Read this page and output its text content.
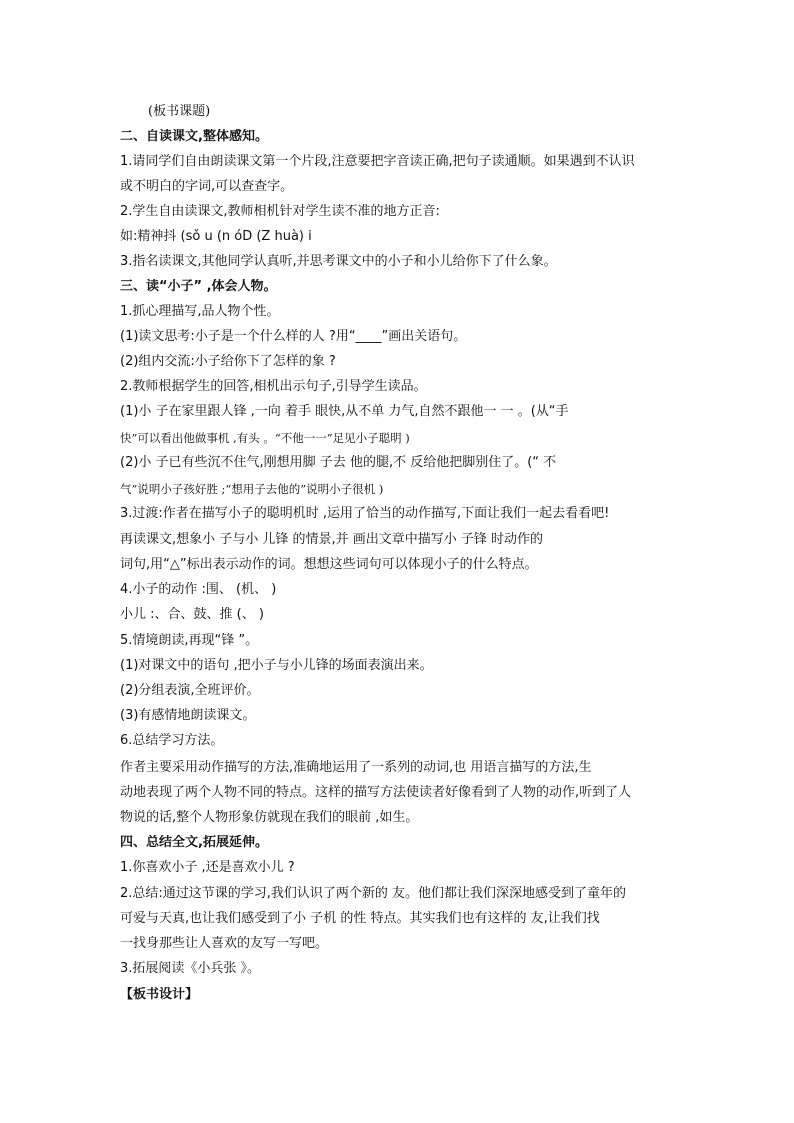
(板书课题)
二、自读课文,整体感知。
1.请同学们自由朗读课文第一个片段,注意要把字音读正确,把句子读通顺。如果遇到不认识
或不明白的字词,可以查查字。
2.学生自由读课文,教师相机针对学生读不准的地方正音:
如:精神抖 (sǒ u (n óD (Z huà) i
3.指名读课文,其他同学认真听,并思考课文中的小子和小儿给你下了什么象。
三、读“小子” ,体会人物。
1.抓心理描写,品人物个性。
(1)读文思考:小子是一个什么样的人 ?用“____”画出关语句。
(2)组内交流:小子给你下了怎样的象 ?
2.教师根据学生的回答,相机出示句子,引导学生读品。
(1)小 子在家里跟人锋 ,一向 着手 眼快,从不单 力气,自然不跟他一 一 。(从“手
快”可以看出他做事机 ,有头 。“不他一一”足见小子聪明 )
(2)小 子已有些沉不住气,刚想用脚 子去 他的腿,不 反给他把脚别住了。(“ 不
气”说明小子孩好胜 ;“想用子去他的”说明小子很机 )
3.过渡:作者在描写小子的聪明机时 ,运用了恰当的动作描写,下面让我们一起去看看吧!
再读课文,想象小 子与小 儿锋 的情景,并 画出文章中描写小 子锋 时动作的
词句,用“△”标出表示动作的词。想想这些词句可以体现小子的什么特点。
4.小子的动作 :围、 (机、 )
小儿 :、合、鼓、推 (、 )
5.情境朗读,再现“锋 ”。
(1)对课文中的语句 ,把小子与小儿锋的场面表演出来。
(2)分组表演,全班评价。
(3)有感情地朗读课文。
6.总结学习方法。
作者主要采用动作描写的方法,准确地运用了一系列的动词,也 用语言描写的方法,生
动地表现了两个人物不同的特点。这样的描写方法使读者好像看到了人物的动作,听到了人
物说的话,整个人物形象仿就现在我们的眼前 ,如生。
四、总结全文,拓展延伸。
1.你喜欢小子 ,还是喜欢小儿 ?
2.总结:通过这节课的学习,我们认识了两个新的 友。他们都让我们深深地感受到了童年的
可爱与天真,也让我们感受到了小 子机 的性 特点。其实我们也有这样的 友,让我们找
一找身那些让人喜欢的友写一写吧。
3.拓展阅读《小兵张 》。
【板书设计】
